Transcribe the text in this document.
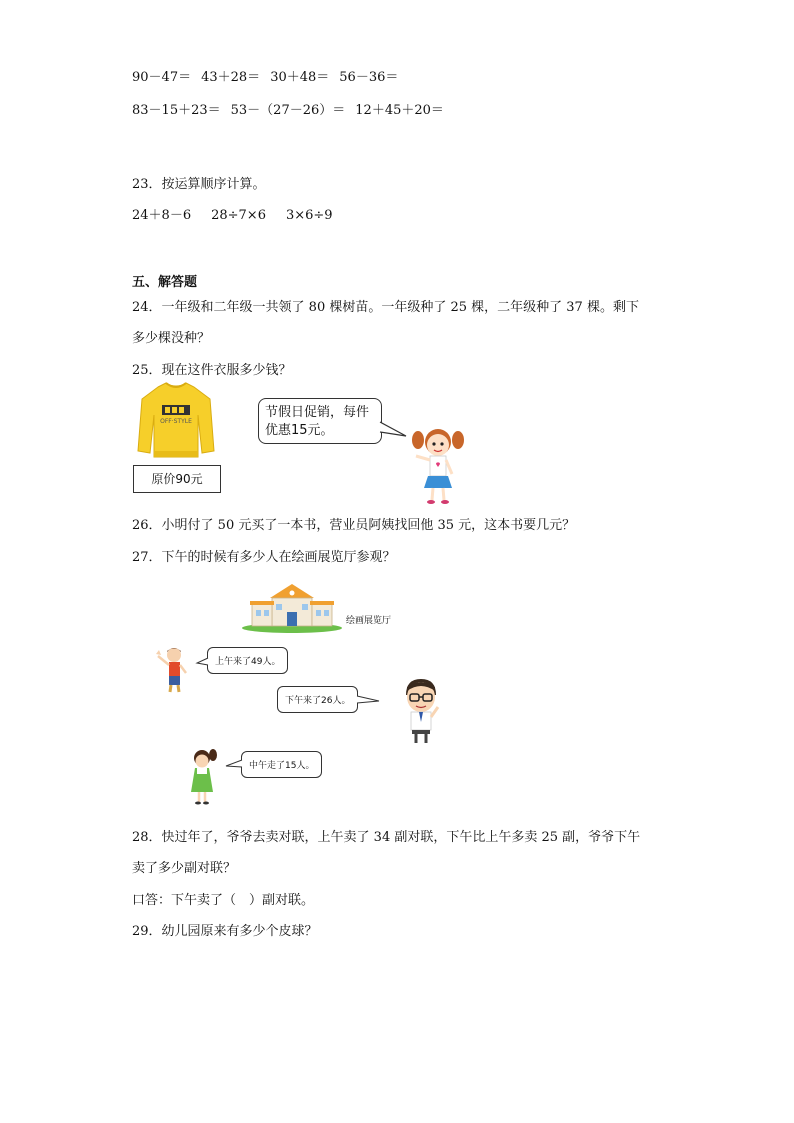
90－47＝ 43＋28＝ 30＋48＝ 56－36＝
83－15＋23＝ 53－（27－26）＝ 12＋45＋20＝
23．按运算顺序计算。
24＋8－6 28÷7×6 3×6÷9
五、解答题
24．一年级和二年级一共领了 80 棵树苗。一年级种了 25 棵，二年级种了 37 棵。剩下
多少棵没种？
25．现在这件衣服多少钱？
OFF·STYLE
原价90元
节假日促销，每件
优惠15元。
26．小明付了 50 元买了一本书，营业员阿姨找回他 35 元，这本书要几元？
27．下午的时候有多少人在绘画展览厅参观？
绘画展览厅
上午来了49人。
下午来了26人。
中午走了15人。
28．快过年了，爷爷去卖对联，上午卖了 34 副对联，下午比上午多卖 25 副，爷爷下午
卖了多少副对联？
口答：下午卖了（　）副对联。
29．幼儿园原来有多少个皮球？
